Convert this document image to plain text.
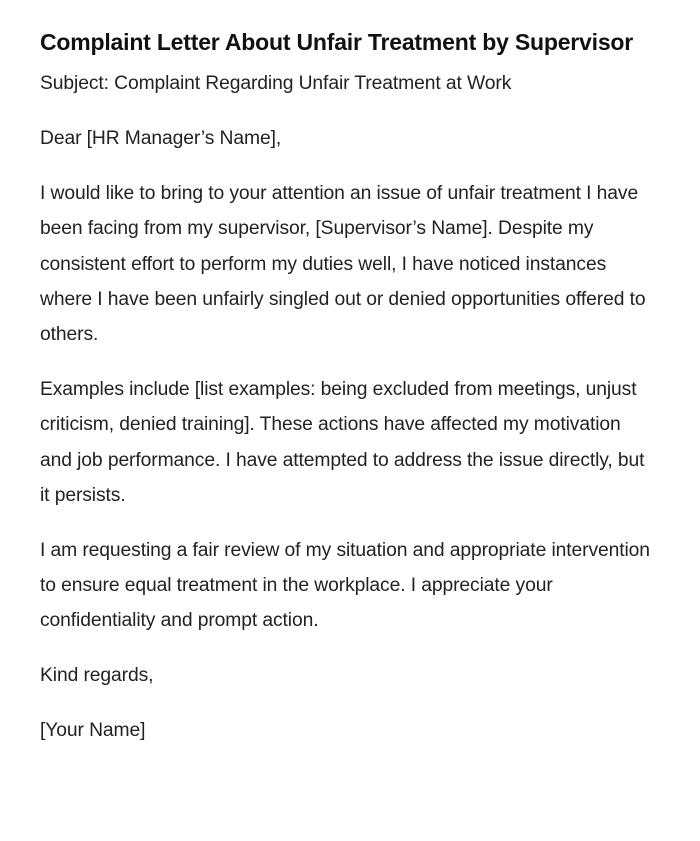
Complaint Letter About Unfair Treatment by Supervisor

Subject: Complaint Regarding Unfair Treatment at Work

Dear [HR Manager’s Name],

I would like to bring to your attention an issue of unfair treatment I have been facing from my supervisor, [Supervisor’s Name]. Despite my consistent effort to perform my duties well, I have noticed instances where I have been unfairly singled out or denied opportunities offered to others.

Examples include [list examples: being excluded from meetings, unjust criticism, denied training]. These actions have affected my motivation and job performance. I have attempted to address the issue directly, but it persists.

I am requesting a fair review of my situation and appropriate intervention to ensure equal treatment in the workplace. I appreciate your confidentiality and prompt action.

Kind regards,

[Your Name]
